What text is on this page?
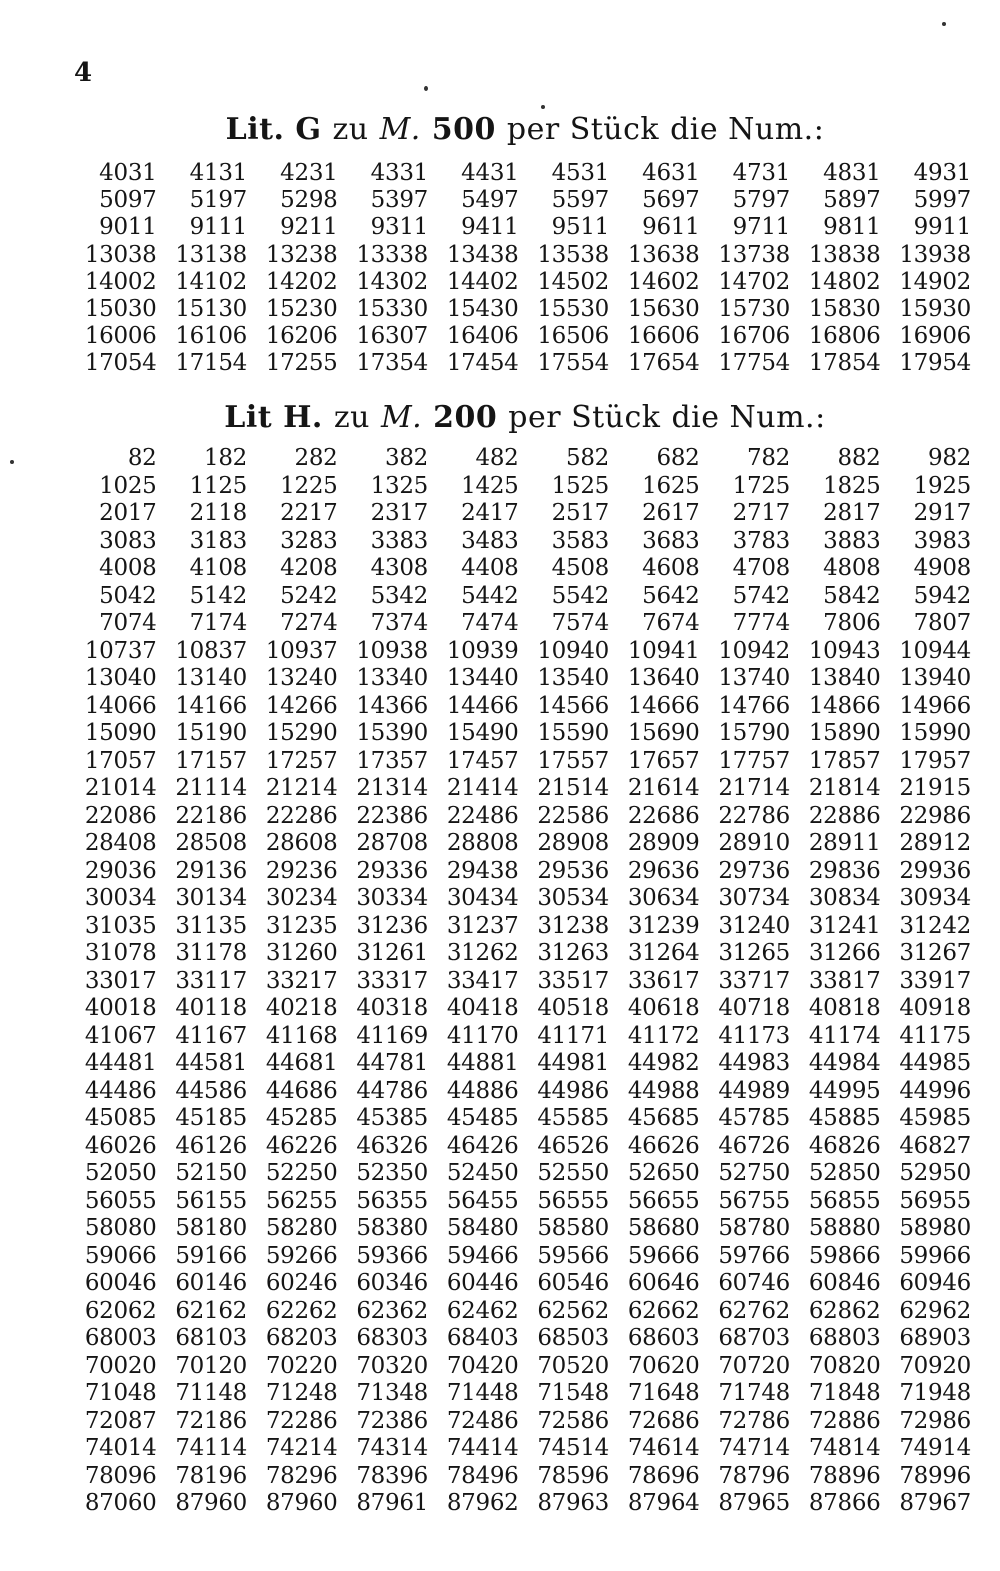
4
Lit. G zu M. 500 per Stück die Num.:
4031	4131	4231	4331	4431	4531	4631	4731	4831	4931
5097	5197	5298	5397	5497	5597	5697	5797	5897	5997
9011	9111	9211	9311	9411	9511	9611	9711	9811	9911
13038 13138 13238 13338 13438 13538 13638 13738 13838 13938
14002 14102 14202 14302 14402 14502 14602 14702 14802 14902
15030 15130 15230 15330 15430 15530 15630 15730 15830 15930
16006 16106 16206 16307 16406 16506 16606 16706 16806 16906
17054 17154 17255 17354 17454 17554 17654 17754 17854 17954
Lit H. zu M. 200 per Stück die Num.:
82	182	282	382	482	582	682	782	882	982
1025	1125	1225	1325	1425	1525	1625	1725	1825	1925
2017	2118	2217	2317	2417	2517	2617	2717	2817	2917
3083	3183	3283	3383	3483	3583	3683	3783	3883	3983
4008	4108	4208	4308	4408	4508	4608	4708	4808	4908
5042	5142	5242	5342	5442	5542	5642	5742	5842	5942
7074	7174	7274	7374	7474	7574	7674	7774	7806	7807
10737 10837 10937 10938 10939 10940 10941 10942 10943 10944
13040 13140 13240 13340 13440 13540 13640 13740 13840 13940
14066 14166 14266 14366 14466 14566 14666 14766 14866 14966
15090 15190 15290 15390 15490 15590 15690 15790 15890 15990
17057 17157 17257 17357 17457 17557 17657 17757 17857 17957
21014 21114 21214 21314 21414 21514 21614 21714 21814 21915
22086 22186 22286 22386 22486 22586 22686 22786 22886 22986
28408 28508 28608 28708 28808 28908 28909 28910 28911 28912
29036 29136 29236 29336 29438 29536 29636 29736 29836 29936
30034 30134 30234 30334 30434 30534 30634 30734 30834 30934
31035 31135 31235 31236 31237 31238 31239 31240 31241 31242
31078 31178 31260 31261 31262 31263 31264 31265 31266 31267
33017 33117 33217 33317 33417 33517 33617 33717 33817 33917
40018 40118 40218 40318 40418 40518 40618 40718 40818 40918
41067 41167 41168 41169 41170 41171 41172 41173 41174 41175
44481 44581 44681 44781 44881 44981 44982 44983 44984 44985
44486 44586 44686 44786 44886 44986 44988 44989 44995 44996
45085 45185 45285 45385 45485 45585 45685 45785 45885 45985
46026 46126 46226 46326 46426 46526 46626 46726 46826 46827
52050 52150 52250 52350 52450 52550 52650 52750 52850 52950
56055 56155 56255 56355 56455 56555 56655 56755 56855 56955
58080 58180 58280 58380 58480 58580 58680 58780 58880 58980
59066 59166 59266 59366 59466 59566 59666 59766 59866 59966
60046 60146 60246 60346 60446 60546 60646 60746 60846 60946
62062 62162 62262 62362 62462 62562 62662 62762 62862 62962
68003 68103 68203 68303 68403 68503 68603 68703 68803 68903
70020 70120 70220 70320 70420 70520 70620 70720 70820 70920
71048 71148 71248 71348 71448 71548 71648 71748 71848 71948
72087 72186 72286 72386 72486 72586 72686 72786 72886 72986
74014 74114 74214 74314 74414 74514 74614 74714 74814 74914
78096 78196 78296 78396 78496 78596 78696 78796 78896 78996
87060 87960 87960 87961 87962 87963 87964 87965 87866 87967
